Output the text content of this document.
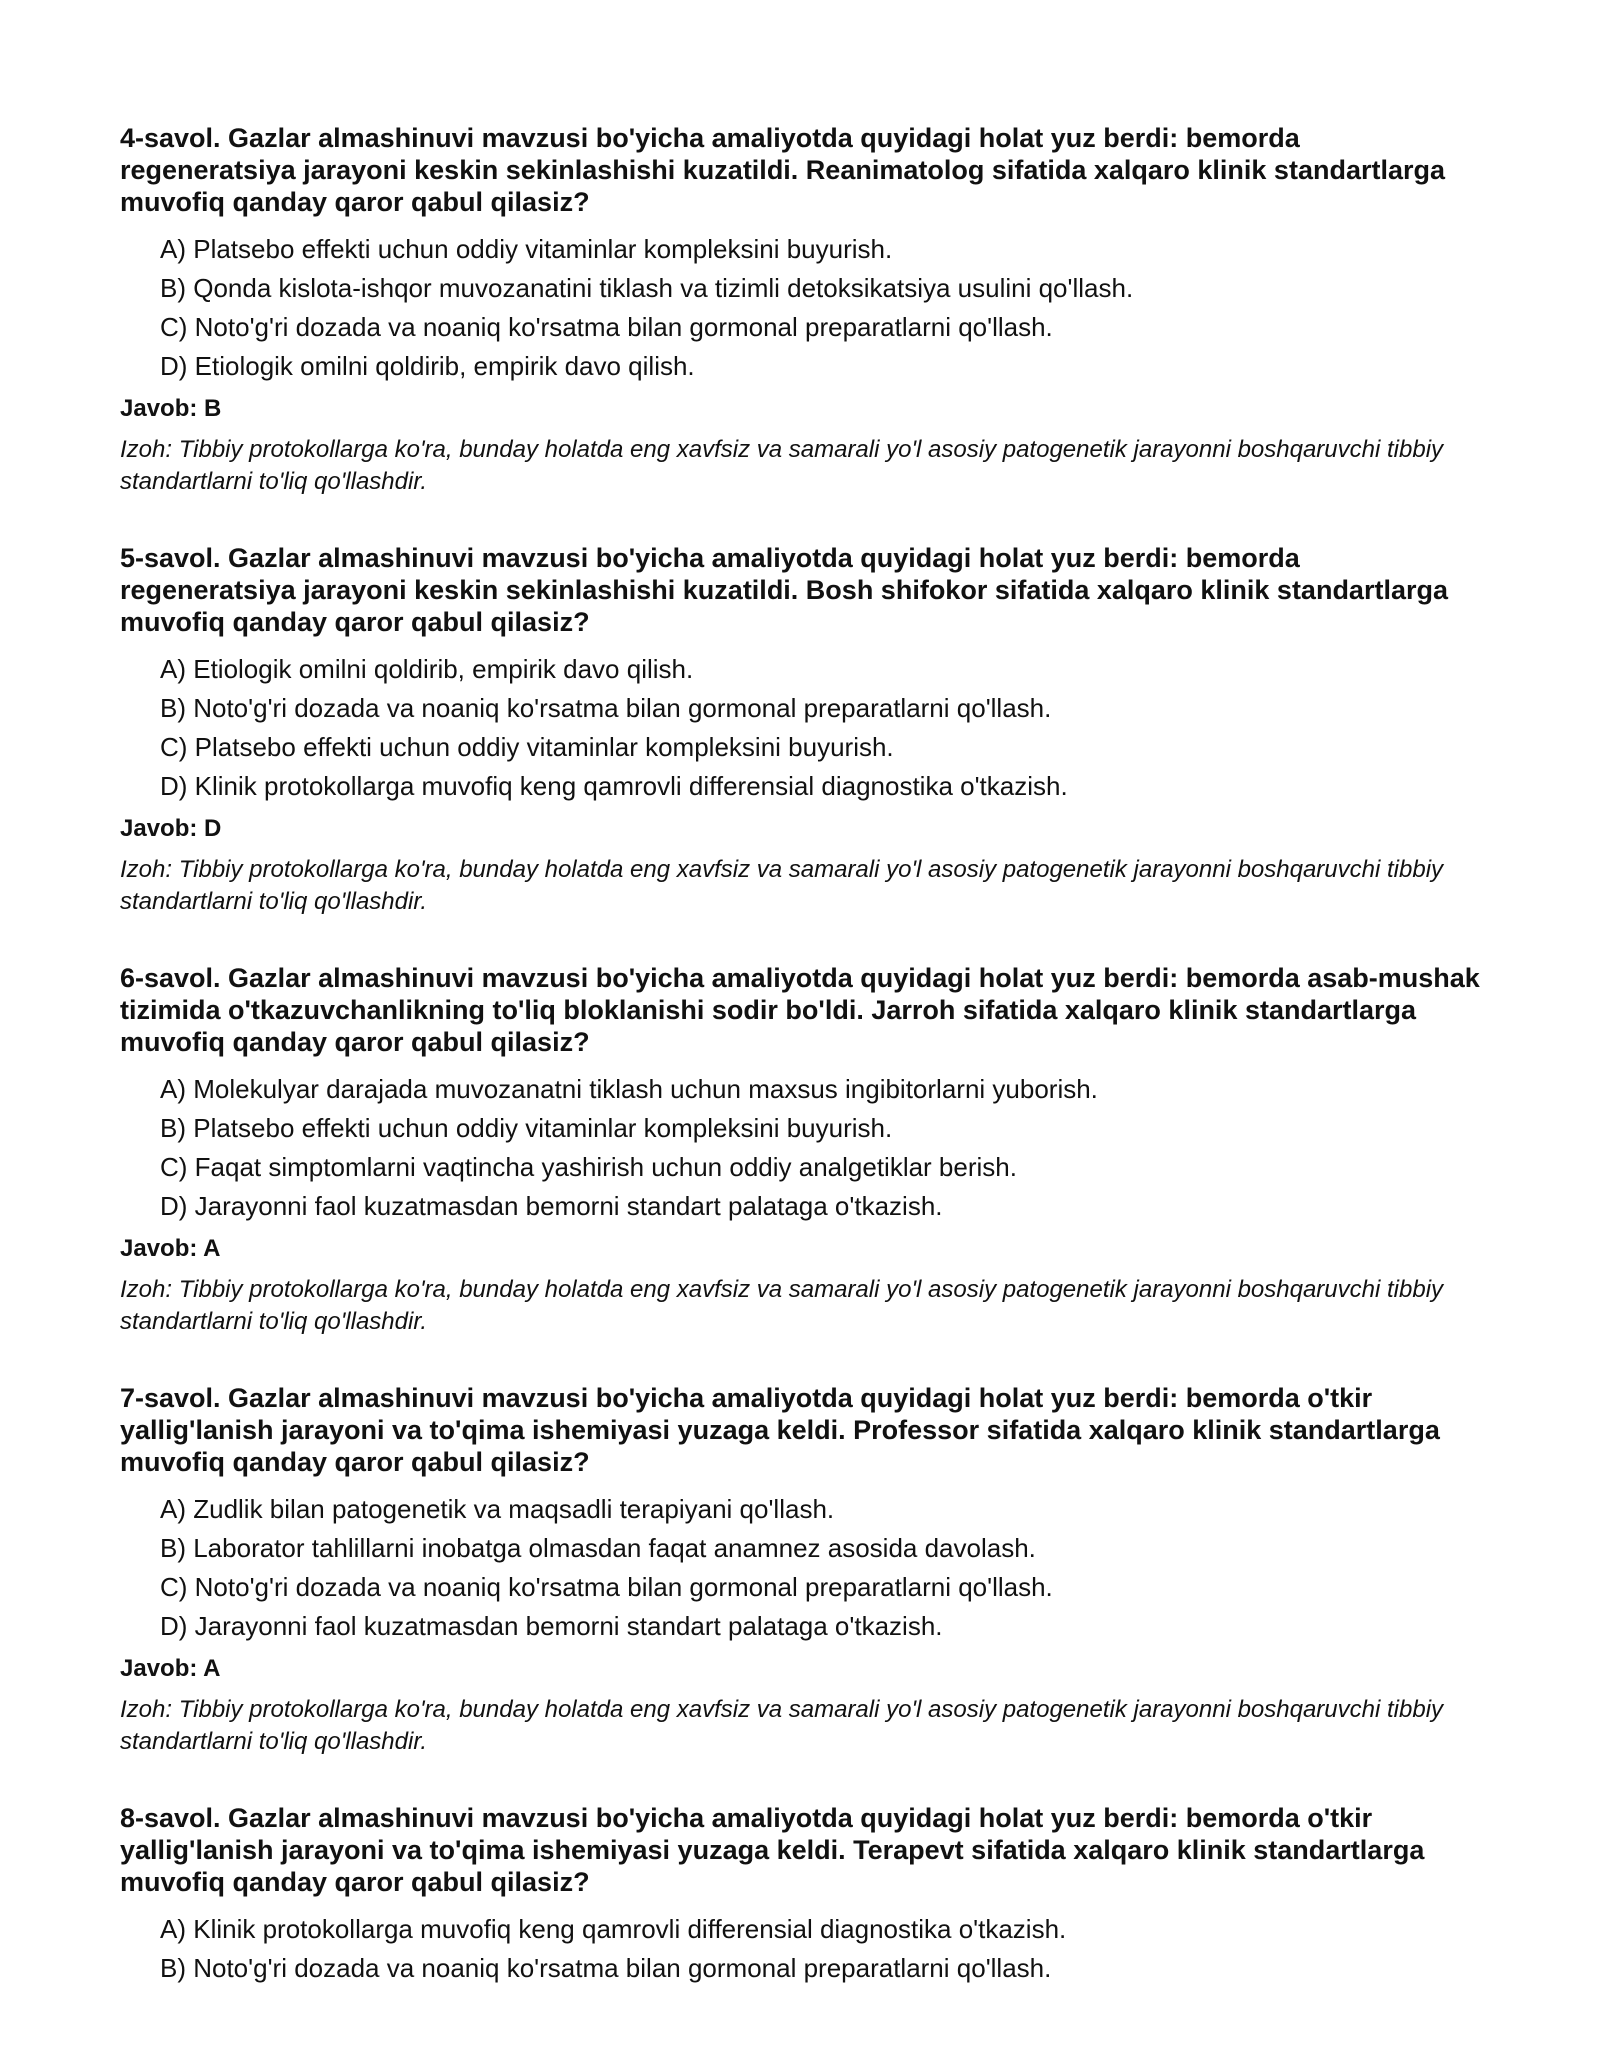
4-savol. Gazlar almashinuvi mavzusi bo'yicha amaliyotda quyidagi holat yuz berdi: bemorda regeneratsiya jarayoni keskin sekinlashishi kuzatildi. Reanimatolog sifatida xalqaro klinik standartlarga muvofiq qanday qaror qabul qilasiz?
A) Platsebo effekti uchun oddiy vitaminlar kompleksini buyurish.
B) Qonda kislota-ishqor muvozanatini tiklash va tizimli detoksikatsiya usulini qo'llash.
C) Noto'g'ri dozada va noaniq ko'rsatma bilan gormonal preparatlarni qo'llash.
D) Etiologik omilni qoldirib, empirik davo qilish.
Javob: B
Izoh: Tibbiy protokollarga ko'ra, bunday holatda eng xavfsiz va samarali yo'l asosiy patogenetik jarayonni boshqaruvchi tibbiy standartlarni to'liq qo'llashdir.
5-savol. Gazlar almashinuvi mavzusi bo'yicha amaliyotda quyidagi holat yuz berdi: bemorda regeneratsiya jarayoni keskin sekinlashishi kuzatildi. Bosh shifokor sifatida xalqaro klinik standartlarga muvofiq qanday qaror qabul qilasiz?
A) Etiologik omilni qoldirib, empirik davo qilish.
B) Noto'g'ri dozada va noaniq ko'rsatma bilan gormonal preparatlarni qo'llash.
C) Platsebo effekti uchun oddiy vitaminlar kompleksini buyurish.
D) Klinik protokollarga muvofiq keng qamrovli differensial diagnostika o'tkazish.
Javob: D
Izoh: Tibbiy protokollarga ko'ra, bunday holatda eng xavfsiz va samarali yo'l asosiy patogenetik jarayonni boshqaruvchi tibbiy standartlarni to'liq qo'llashdir.
6-savol. Gazlar almashinuvi mavzusi bo'yicha amaliyotda quyidagi holat yuz berdi: bemorda asab-mushak tizimida o'tkazuvchanlikning to'liq bloklanishi sodir bo'ldi. Jarroh sifatida xalqaro klinik standartlarga muvofiq qanday qaror qabul qilasiz?
A) Molekulyar darajada muvozanatni tiklash uchun maxsus ingibitorlarni yuborish.
B) Platsebo effekti uchun oddiy vitaminlar kompleksini buyurish.
C) Faqat simptomlarni vaqtincha yashirish uchun oddiy analgetiklar berish.
D) Jarayonni faol kuzatmasdan bemorni standart palataga o'tkazish.
Javob: A
Izoh: Tibbiy protokollarga ko'ra, bunday holatda eng xavfsiz va samarali yo'l asosiy patogenetik jarayonni boshqaruvchi tibbiy standartlarni to'liq qo'llashdir.
7-savol. Gazlar almashinuvi mavzusi bo'yicha amaliyotda quyidagi holat yuz berdi: bemorda o'tkir yallig'lanish jarayoni va to'qima ishemiyasi yuzaga keldi. Professor sifatida xalqaro klinik standartlarga muvofiq qanday qaror qabul qilasiz?
A) Zudlik bilan patogenetik va maqsadli terapiyani qo'llash.
B) Laborator tahlillarni inobatga olmasdan faqat anamnez asosida davolash.
C) Noto'g'ri dozada va noaniq ko'rsatma bilan gormonal preparatlarni qo'llash.
D) Jarayonni faol kuzatmasdan bemorni standart palataga o'tkazish.
Javob: A
Izoh: Tibbiy protokollarga ko'ra, bunday holatda eng xavfsiz va samarali yo'l asosiy patogenetik jarayonni boshqaruvchi tibbiy standartlarni to'liq qo'llashdir.
8-savol. Gazlar almashinuvi mavzusi bo'yicha amaliyotda quyidagi holat yuz berdi: bemorda o'tkir yallig'lanish jarayoni va to'qima ishemiyasi yuzaga keldi. Terapevt sifatida xalqaro klinik standartlarga muvofiq qanday qaror qabul qilasiz?
A) Klinik protokollarga muvofiq keng qamrovli differensial diagnostika o'tkazish.
B) Noto'g'ri dozada va noaniq ko'rsatma bilan gormonal preparatlarni qo'llash.
